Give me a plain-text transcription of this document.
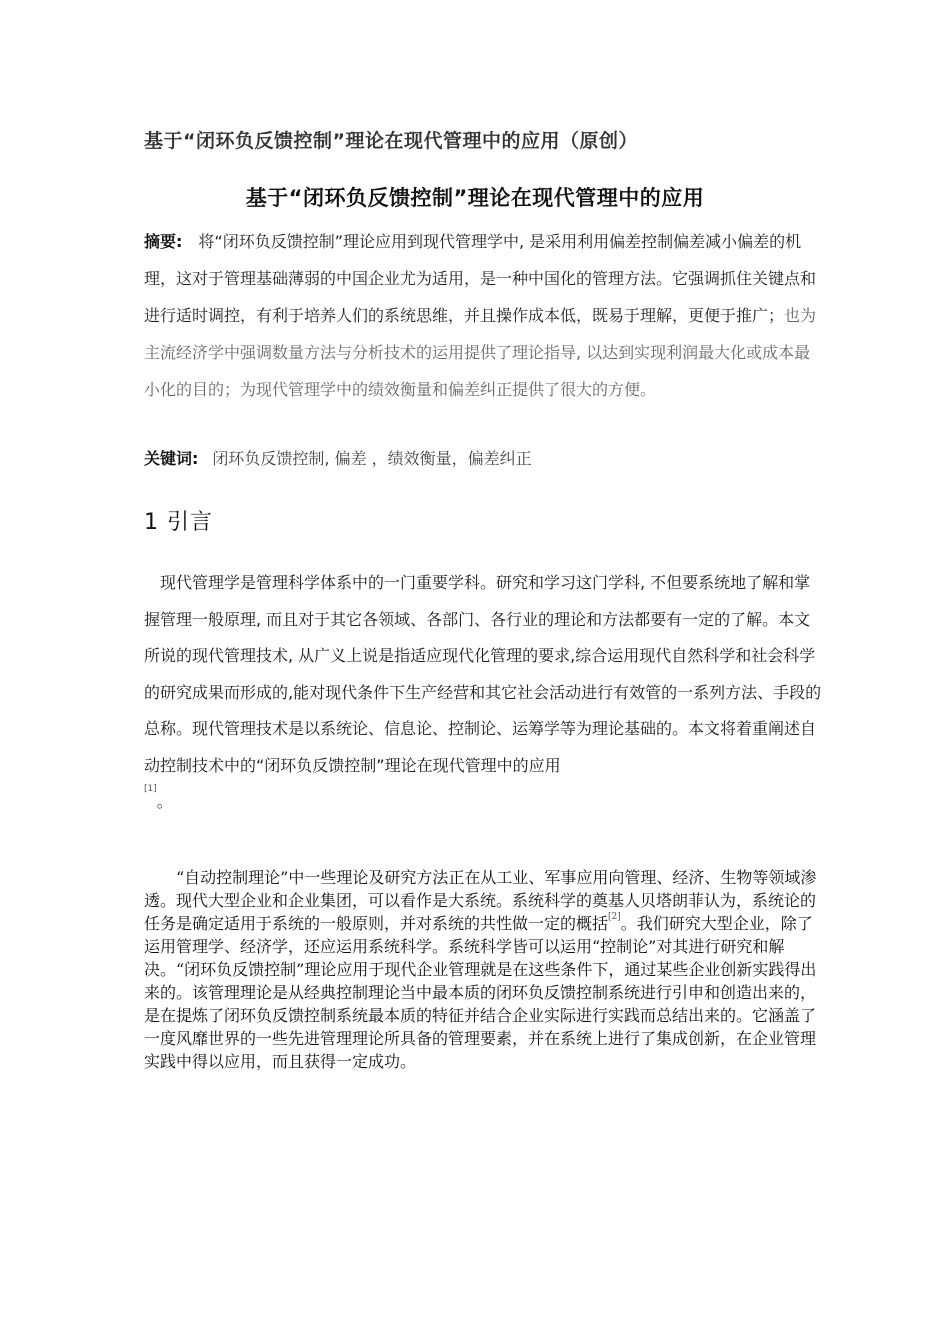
基于“闭环负反馈控制”理论在现代管理中的应用（原创）
基于“闭环负反馈控制”理论在现代管理中的应用
摘要: 将“闭环负反馈控制”理论应用到现代管理学中, 是采用利用偏差控制偏差减小偏差的机理，这对于管理基础薄弱的中国企业尤为适用，是一种中国化的管理方法。它强调抓住关键点和进行适时调控，有利于培养人们的系统思维，并且操作成本低，既易于理解，更便于推广；也为主流经济学中强调数量方法与分析技术的运用提供了理论指导, 以达到实现利润最大化或成本最小化的目的；为现代管理学中的绩效衡量和偏差纠正提供了很大的方便。
关键词: 闭环负反馈控制, 偏差 ，绩效衡量，偏差纠正
1 引言
现代管理学是管理科学体系中的一门重要学科。研究和学习这门学科, 不但要系统地了解和掌握管理一般原理, 而且对于其它各领域、各部门、各行业的理论和方法都要有一定的了解。本文所说的现代管理技术, 从广义上说是指适应现代化管理的要求,综合运用现代自然科学和社会科学的研究成果而形成的,能对现代条件下生产经营和其它社会活动进行有效管的一系列方法、手段的总称。现代管理技术是以系统论、信息论、控制论、运筹学等为理论基础的。本文将着重阐述自动控制技术中的“闭环负反馈控制”理论在现代管理中的应用
[1]。
“自动控制理论”中一些理论及研究方法正在从工业、军事应用向管理、经济、生物等领域渗透。现代大型企业和企业集团，可以看作是大系统。系统科学的奠基人贝塔朗菲认为，系统论的任务是确定适用于系统的一般原则，并对系统的共性做一定的概括[2]。我们研究大型企业，除了运用管理学、经济学，还应运用系统科学。系统科学皆可以运用“控制论”对其进行研究和解决。“闭环负反馈控制”理论应用于现代企业管理就是在这些条件下，通过某些企业创新实践得出来的。该管理理论是从经典控制理论当中最本质的闭环负反馈控制系统进行引申和创造出来的，是在提炼了闭环负反馈控制系统最本质的特征并结合企业实际进行实践而总结出来的。它涵盖了一度风靡世界的一些先进管理理论所具备的管理要素，并在系统上进行了集成创新，在企业管理实践中得以应用，而且获得一定成功。
